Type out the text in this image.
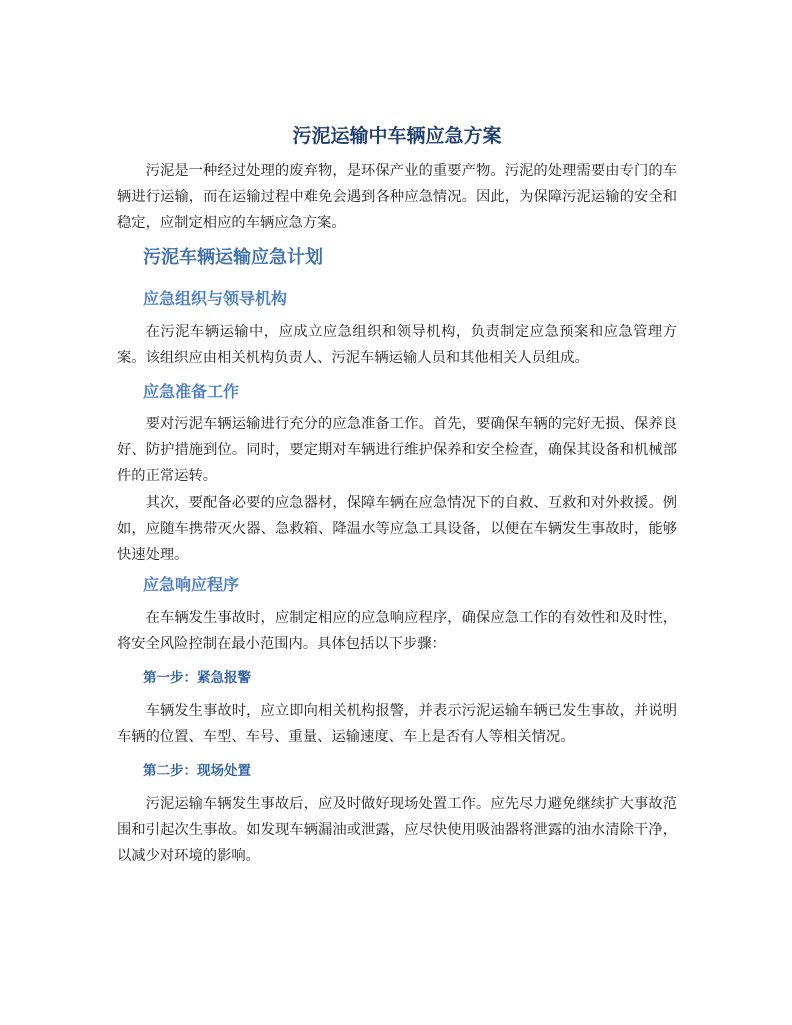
污泥运输中车辆应急方案

污泥是一种经过处理的废弃物，是环保产业的重要产物。污泥的处理需要由专门的车辆进行运输，而在运输过程中难免会遇到各种应急情况。因此，为保障污泥运输的安全和稳定，应制定相应的车辆应急方案。

污泥车辆运输应急计划
应急组织与领导机构

在污泥车辆运输中，应成立应急组织和领导机构，负责制定应急预案和应急管理方案。该组织应由相关机构负责人、污泥车辆运输人员和其他相关人员组成。

应急准备工作

要对污泥车辆运输进行充分的应急准备工作。首先，要确保车辆的完好无损、保养良好、防护措施到位。同时，要定期对车辆进行维护保养和安全检查，确保其设备和机械部件的正常运转。

其次，要配备必要的应急器材，保障车辆在应急情况下的自救、互救和对外救援。例如，应随车携带灭火器、急救箱、降温水等应急工具设备，以便在车辆发生事故时，能够快速处理。

应急响应程序

在车辆发生事故时，应制定相应的应急响应程序，确保应急工作的有效性和及时性，将安全风险控制在最小范围内。具体包括以下步骤：

第一步：紧急报警

车辆发生事故时，应立即向相关机构报警，并表示污泥运输车辆已发生事故，并说明车辆的位置、车型、车号、重量、运输速度、车上是否有人等相关情况。

第二步：现场处置

污泥运输车辆发生事故后，应及时做好现场处置工作。应先尽力避免继续扩大事故范围和引起次生事故。如发现车辆漏油或泄露，应尽快使用吸油器将泄露的油水清除干净，以减少对环境的影响。
